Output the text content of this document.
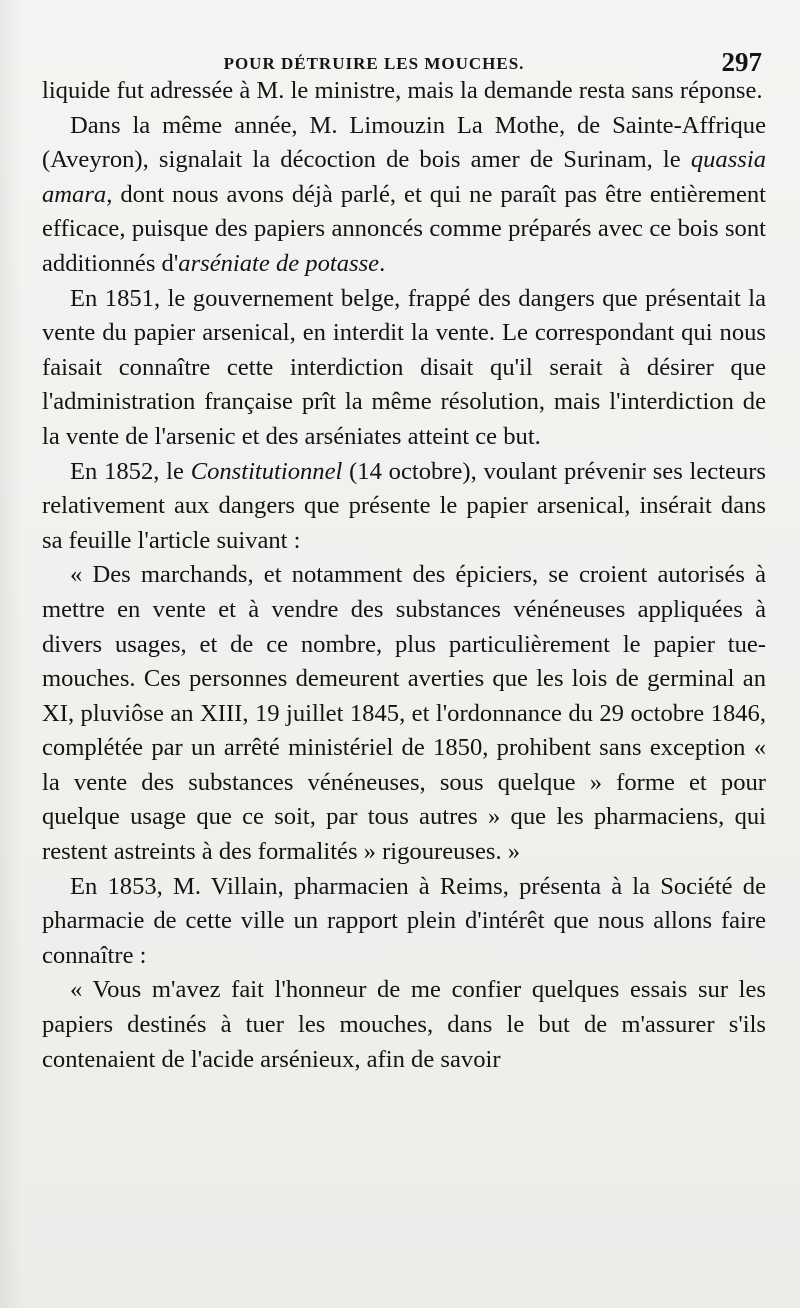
POUR DÉTRUIRE LES MOUCHES.	297

liquide fut adressée à M. le ministre, mais la demande resta sans réponse.

Dans la même année, M. Limouzin La Mothe, de Sainte-Affrique (Aveyron), signalait la décoction de bois amer de Surinam, le quassia amara, dont nous avons déjà parlé, et qui ne paraît pas être entièrement efficace, puisque des papiers annoncés comme préparés avec ce bois sont additionnés d'arséniate de potasse.

En 1851, le gouvernement belge, frappé des dangers que présentait la vente du papier arsenical, en interdit la vente. Le correspondant qui nous faisait connaître cette interdiction disait qu'il serait à désirer que l'administration française prît la même résolution, mais l'interdiction de la vente de l'arsenic et des arséniates atteint ce but.

En 1852, le Constitutionnel (14 octobre), voulant prévenir ses lecteurs relativement aux dangers que présente le papier arsenical, insérait dans sa feuille l'article suivant :

« Des marchands, et notamment des épiciers, se croient autorisés à mettre en vente et à vendre des substances vénéneuses appliquées à divers usages, et de ce nombre, plus particulièrement le papier tue-mouches. Ces personnes demeurent averties que les lois de germinal an XI, pluviôse an XIII, 19 juillet 1845, et l'ordonnance du 29 octobre 1846, complétée par un arrêté ministériel de 1850, prohibent sans exception « la vente des substances vénéneuses, sous quelque » forme et pour quelque usage que ce soit, par tous autres » que les pharmaciens, qui restent astreints à des formalités » rigoureuses. »

En 1853, M. Villain, pharmacien à Reims, présenta à la Société de pharmacie de cette ville un rapport plein d'intérêt que nous allons faire connaître :

« Vous m'avez fait l'honneur de me confier quelques essais sur les papiers destinés à tuer les mouches, dans le but de m'assurer s'ils contenaient de l'acide arsénieux, afin de savoir
